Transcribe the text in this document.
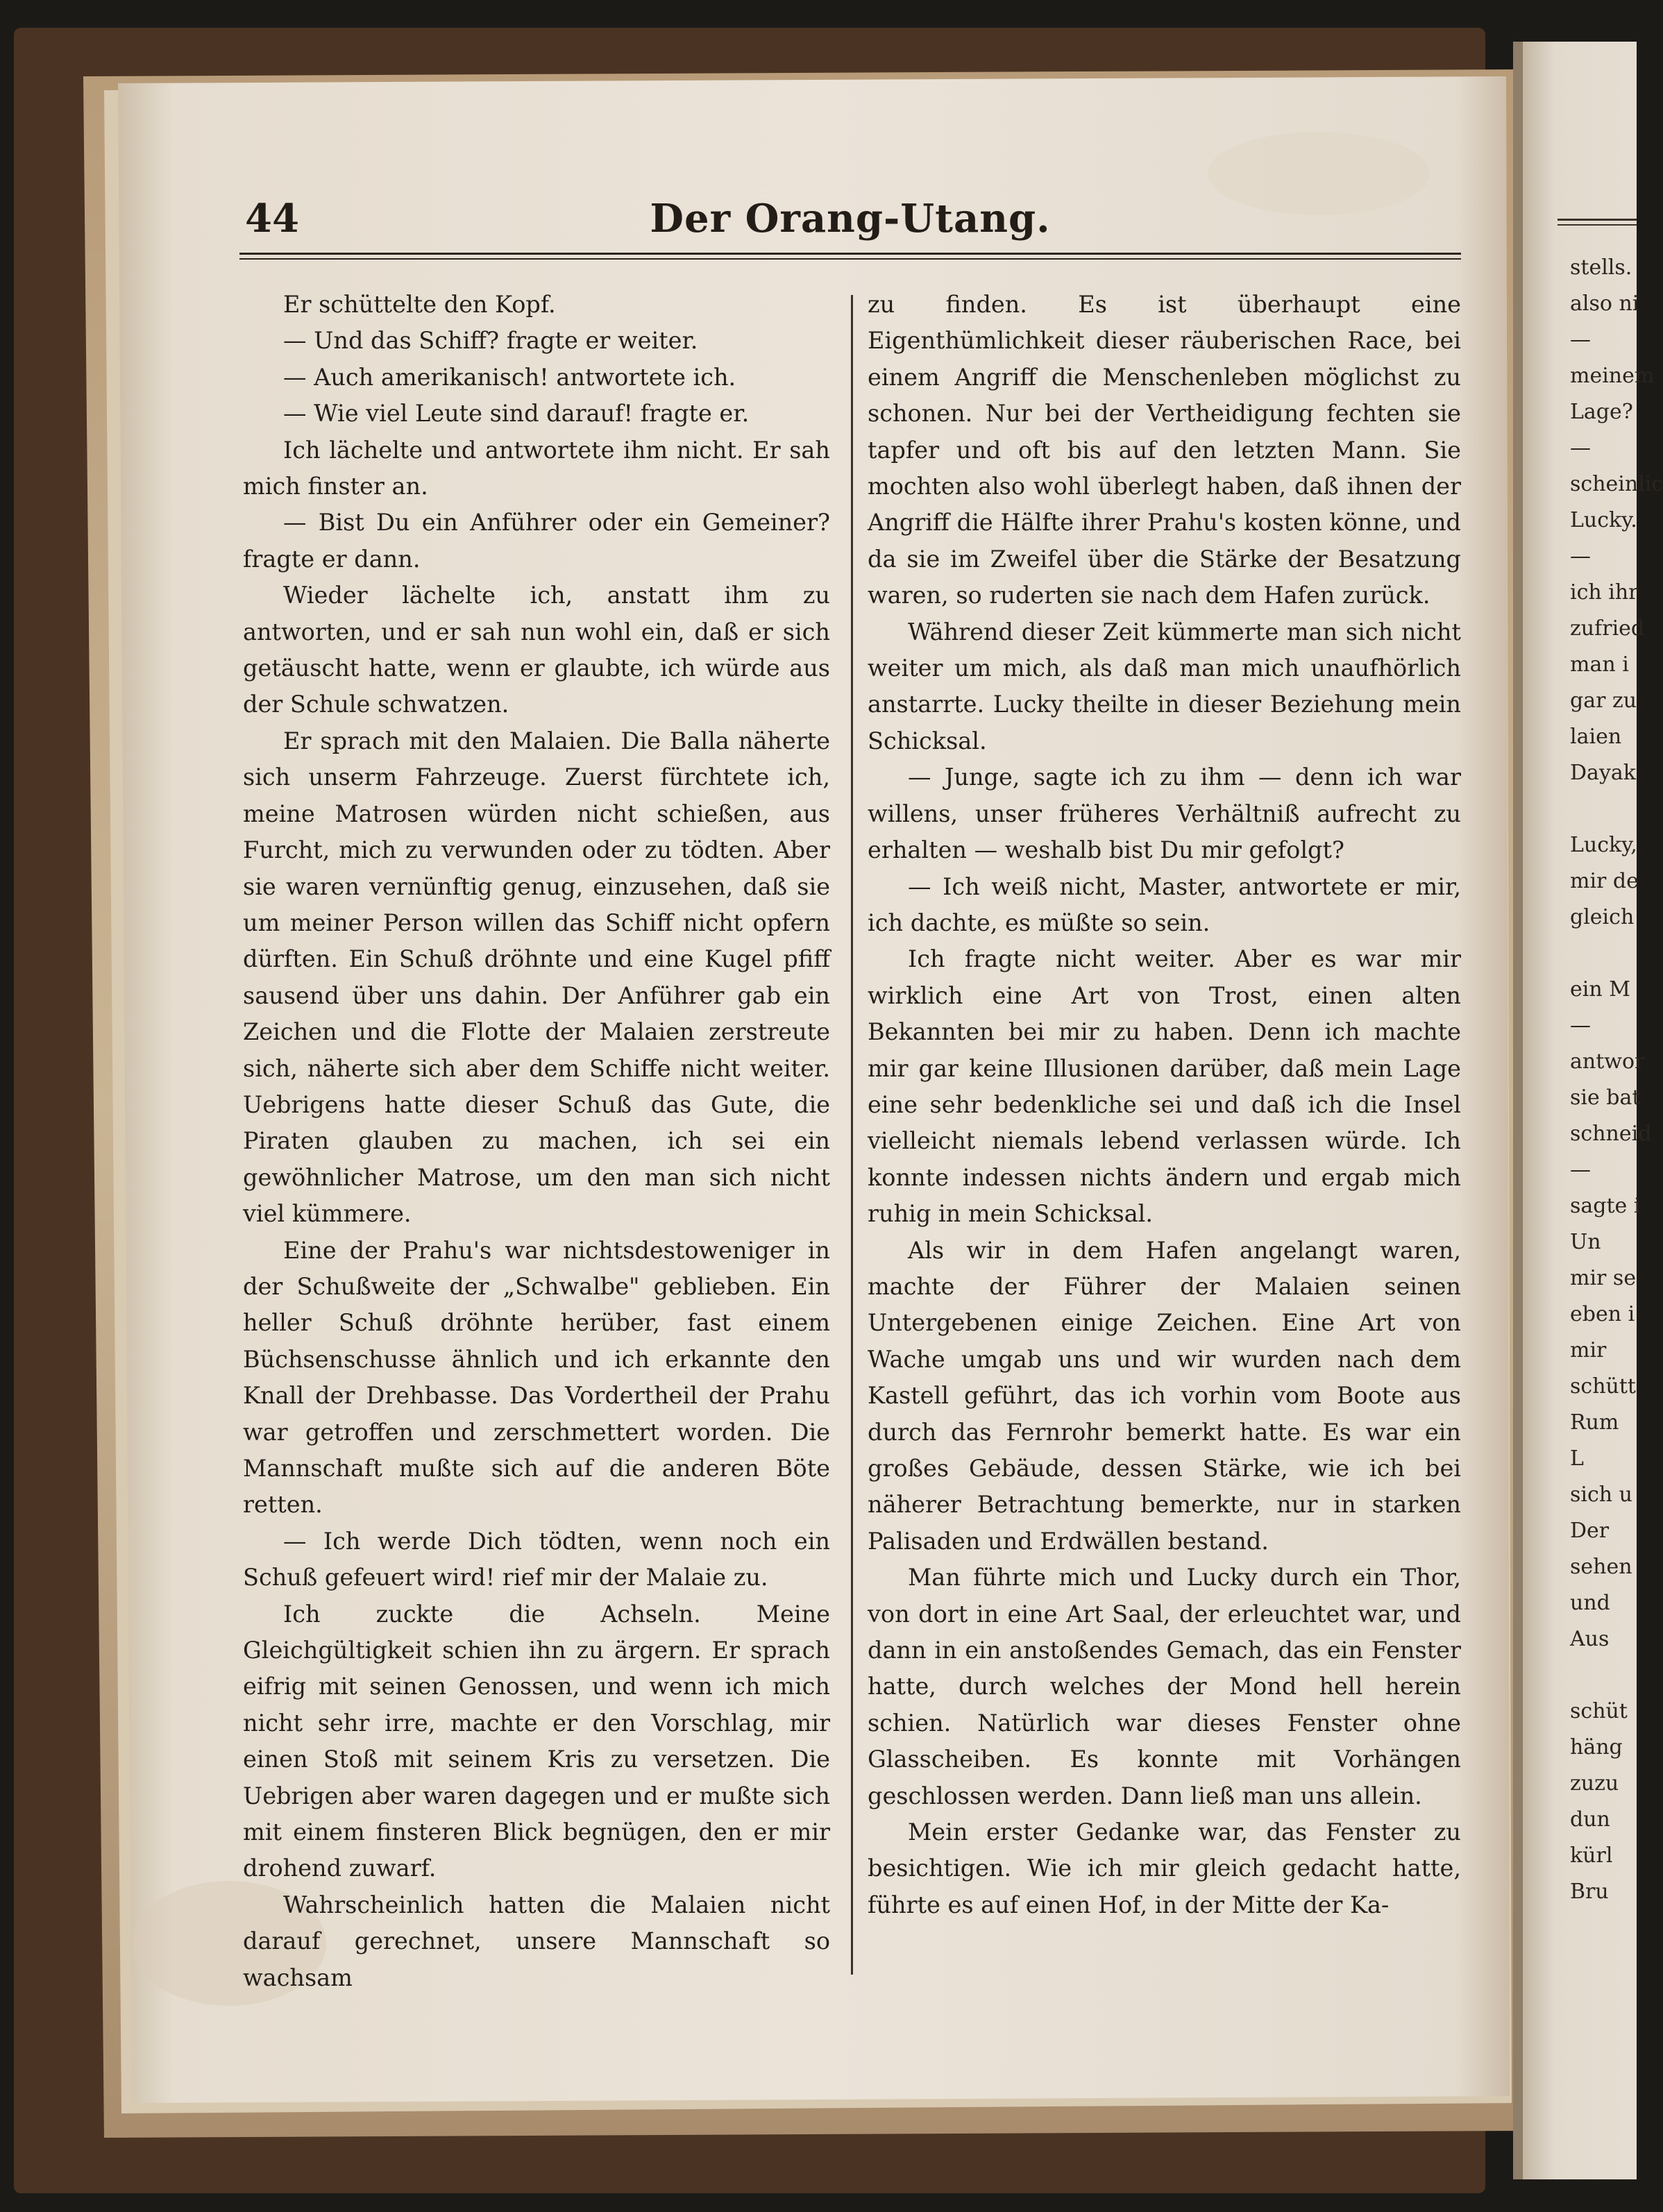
44	Der Orang-Utang.

Er schüttelte den Kopf.

— Und das Schiff? fragte er weiter.

— Auch amerikanisch! antwortete ich.

— Wie viel Leute sind darauf! fragte er.

Ich lächelte und antwortete ihm nicht. Er sah mich finster an.

— Bist Du ein Anführer oder ein Gemeiner? fragte er dann.

Wieder lächelte ich, anstatt ihm zu antworten, und er sah nun wohl ein, daß er sich getäuscht hatte, wenn er glaubte, ich würde aus der Schule schwatzen.

Er sprach mit den Malaien. Die Balla näherte sich unserm Fahrzeuge. Zuerst fürchtete ich, meine Matrosen würden nicht schießen, aus Furcht, mich zu verwunden oder zu tödten. Aber sie waren vernünftig genug, einzusehen, daß sie um meiner Person willen das Schiff nicht opfern dürften. Ein Schuß dröhnte und eine Kugel pfiff sausend über uns dahin. Der Anführer gab ein Zeichen und die Flotte der Malaien zerstreute sich, näherte sich aber dem Schiffe nicht weiter. Uebrigens hatte dieser Schuß das Gute, die Piraten glauben zu machen, ich sei ein gewöhnlicher Matrose, um den man sich nicht viel kümmere.

Eine der Prahu's war nichtsdestoweniger in der Schußweite der „Schwalbe" geblieben. Ein heller Schuß dröhnte herüber, fast einem Büchsenschusse ähnlich und ich erkannte den Knall der Drehbasse. Das Vordertheil der Prahu war getroffen und zerschmettert worden. Die Mannschaft mußte sich auf die anderen Böte retten.

— Ich werde Dich tödten, wenn noch ein Schuß gefeuert wird! rief mir der Malaie zu.

Ich zuckte die Achseln. Meine Gleichgültigkeit schien ihn zu ärgern. Er sprach eifrig mit seinen Genossen, und wenn ich mich nicht sehr irre, machte er den Vorschlag, mir einen Stoß mit seinem Kris zu versetzen. Die Uebrigen aber waren dagegen und er mußte sich mit einem finsteren Blick begnügen, den er mir drohend zuwarf.

Wahrscheinlich hatten die Malaien nicht darauf gerechnet, unsere Mannschaft so wachsam

zu finden. Es ist überhaupt eine Eigenthümlichkeit dieser räuberischen Race, bei einem Angriff die Menschenleben möglichst zu schonen. Nur bei der Vertheidigung fechten sie tapfer und oft bis auf den letzten Mann. Sie mochten also wohl überlegt haben, daß ihnen der Angriff die Hälfte ihrer Prahu's kosten könne, und da sie im Zweifel über die Stärke der Besatzung waren, so ruderten sie nach dem Hafen zurück.

Während dieser Zeit kümmerte man sich nicht weiter um mich, als daß man mich unaufhörlich anstarrte. Lucky theilte in dieser Beziehung mein Schicksal.

— Junge, sagte ich zu ihm — denn ich war willens, unser früheres Verhältniß aufrecht zu erhalten — weshalb bist Du mir gefolgt?

— Ich weiß nicht, Master, antwortete er mir, ich dachte, es müßte so sein.

Ich fragte nicht weiter. Aber es war mir wirklich eine Art von Trost, einen alten Bekannten bei mir zu haben. Denn ich machte mir gar keine Illusionen darüber, daß mein Lage eine sehr bedenkliche sei und daß ich die Insel vielleicht niemals lebend verlassen würde. Ich konnte indessen nichts ändern und ergab mich ruhig in mein Schicksal.

Als wir in dem Hafen angelangt waren, machte der Führer der Malaien seinen Untergebenen einige Zeichen. Eine Art von Wache umgab uns und wir wurden nach dem Kastell geführt, das ich vorhin vom Boote aus durch das Fernrohr bemerkt hatte. Es war ein großes Gebäude, dessen Stärke, wie ich bei näherer Betrachtung bemerkte, nur in starken Palisaden und Erdwällen bestand.

Man führte mich und Lucky durch ein Thor, von dort in eine Art Saal, der erleuchtet war, und dann in ein anstoßendes Gemach, das ein Fenster hatte, durch welches der Mond hell herein schien. Natürlich war dieses Fenster ohne Glasscheiben. Es konnte mit Vorhängen geschlossen werden. Dann ließ man uns allein.

Mein erster Gedanke war, das Fenster zu besichtigen. Wie ich mir gleich gedacht hatte, führte es auf einen Hof, in der Mitte der Ka-

stells.
also ni
—
meinem
Lage?
—
scheinlic
Lucky.
—
ich ihr
zufried
man i
gar zu
laien
Dayak
Lucky,
mir de
gleich
ein M
—
antwor
sie bat
schneid
—
sagte i
Un
mir se
eben i
mir
schütt
Rum
L
sich u
Der
sehen
und
Aus
schüt
häng
zuzu
dun
kürl
Bru
